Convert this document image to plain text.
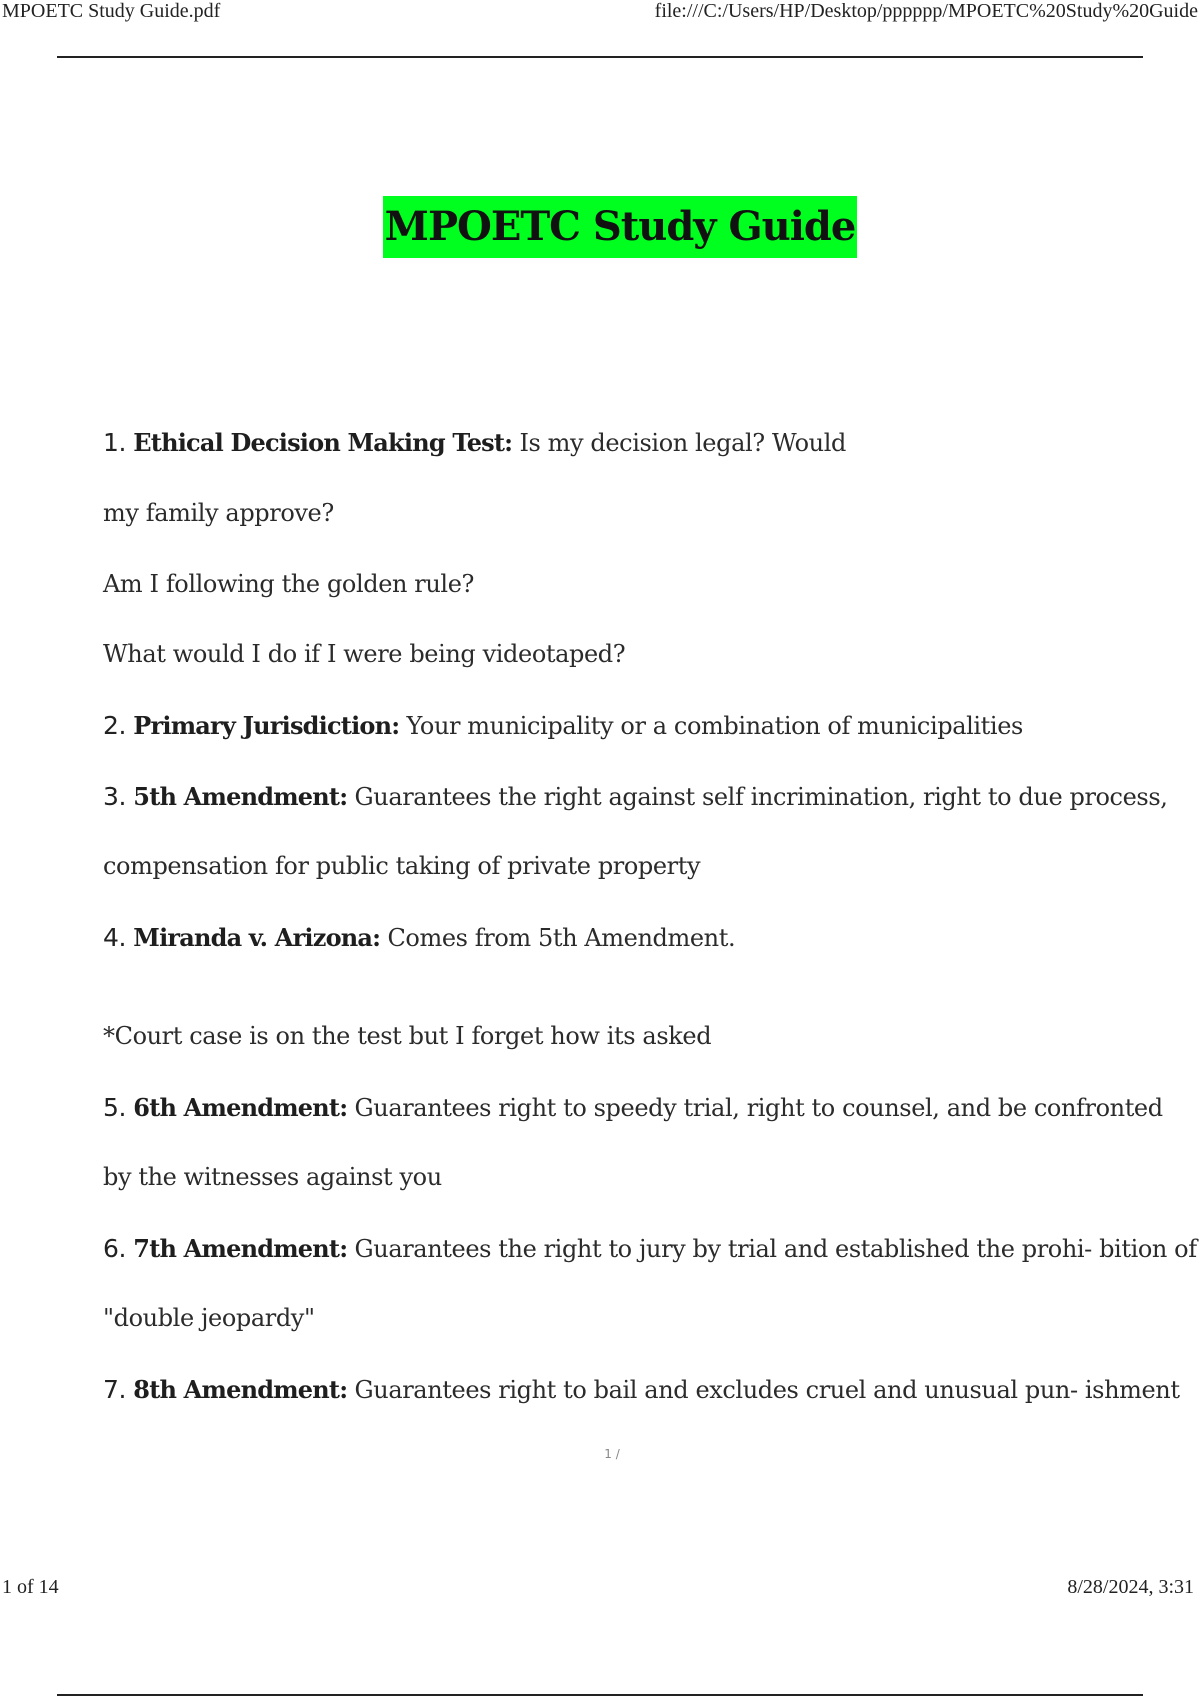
MPOETC Study Guide.pdf	file:///C:/Users/HP/Desktop/pppppp/MPOETC%20Study%20Guide
MPOETC Study Guide
1. Ethical Decision Making Test: Is my decision legal? Would
my family approve?
Am I following the golden rule?
What would I do if I were being videotaped?
2. Primary Jurisdiction: Your municipality or a combination of municipalities
3. 5th Amendment: Guarantees the right against self incrimination, right to due process,
compensation for public taking of private property
4. Miranda v. Arizona: Comes from 5th Amendment.
*Court case is on the test but I forget how its asked
5. 6th Amendment: Guarantees right to speedy trial, right to counsel, and be confronted
by the witnesses against you
6. 7th Amendment: Guarantees the right to jury by trial and established the prohi- bition of
"double jeopardy"
7. 8th Amendment: Guarantees right to bail and excludes cruel and unusual pun- ishment
1 /
1 of 14	8/28/2024, 3:31
